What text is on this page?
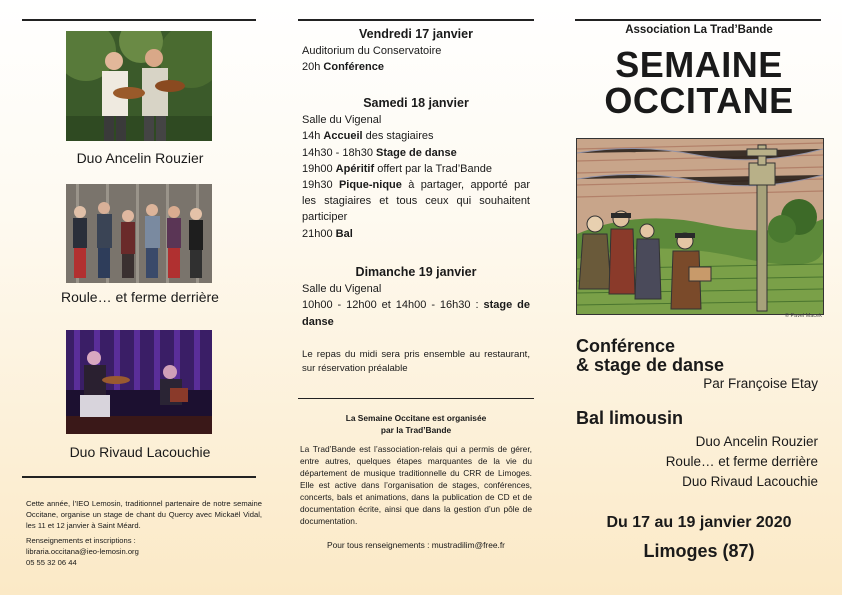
Duo Ancelin Rouzier
Roule… et ferme derrière
Duo Rivaud Lacouchie
Cette année, l’IEO Lemosin, traditionnel partenaire de notre semaine Occitane, organise un stage de chant du Quercy avec Mickaël Vidal, les 11 et 12 janvier à Saint Méard.
Renseignements et inscriptions :
libraria.occitana@ieo-lemosin.org
05 55 32 06 44
Vendredi 17 janvier

Auditorium du Conservatoire

20h Conférence

Samedi 18 janvier

Salle du Vigenal

14h Accueil des stagiaires

14h30 - 18h30 Stage de danse

19h00 Apéritif offert par la Trad’Bande

19h30 Pique-nique à partager, apporté par les stagiaires et tous ceux qui souhaitent participer

21h00 Bal

Dimanche 19 janvier

Salle du Vigenal

10h00 - 12h00 et 14h00 - 16h30 : stage de danse

Le repas du midi sera pris ensemble au restaurant, sur réservation préalable
La Semaine Occitane est organisée
par la Trad’Bande
La Trad’Bande est l’association-relais qui a permis de gérer, entre autres, quelques étapes marquantes de la vie du département de musique traditionnelle du CRR de Limoges. Elle est active dans l’organisation de stages, conférences, concerts, bals et animations, dans la publication de CD et de documentation écrite, ainsi que dans la gestion d’un pôle de documentation.
Pour tous renseignements : mustradilim@free.fr
Association La Trad’Bande
SEMAINE
OCCITANE
© Pavel Macek
Conférence
& stage de danse
Par Françoise Etay
Bal limousin
Duo Ancelin Rouzier
Roule… et ferme derrière
Duo Rivaud Lacouchie
Du 17 au 19 janvier 2020
Limoges (87)
